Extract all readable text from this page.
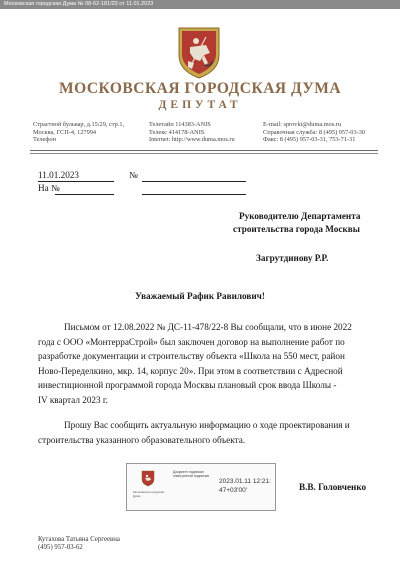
Московская городская Дума № 08-62-181/23 от 11.01.2023
МОСКОВСКАЯ ГОРОДСКАЯ ДУМА
ДЕПУТАТ
Страстной бульвар, д.15/29, стр.1,
Москва, ГСП-4, 127994
Телефон
Телетайп 114383-ANIS
Телекс 414178-ANIS
Internet: http://www.duma.mos.ru
E-mail: sprovkt@duma.mos.ru
Справочная служба: 8 (495) 957-03-30
Факс: 8 (495) 957-03-31, 753-71-31
11.01.2023	№
На №
Руководителю Департамента
строительства города Москвы
Загрутдинову Р.Р.
Уважаемый Рафик Равилович!
Письмом от 12.08.2022 № ДС-11-478/22-8 Вы сообщали, что в июне 2022
года с ООО «МонтерраСтрой» был заключен договор на выполнение работ по
разработке документации и строительству объекта «Школа на 550 мест, район
Ново-Переделкино, мкр. 14, корпус 20». При этом в соответствии с Адресной
инвестиционной программой города Москвы плановый срок ввода Школы -
IV квартал 2023 г.
Прошу Вас сообщить актуальную информацию о ходе проектирования и
строительства указанного образовательного объекта.
Московская городская Дума
Документ подписан электронной подписью
2023.01.11 12:21:
47+03'00'	В.В. Головченко
Кутахова Татьяна Сергеевна
(495) 957-03-62
